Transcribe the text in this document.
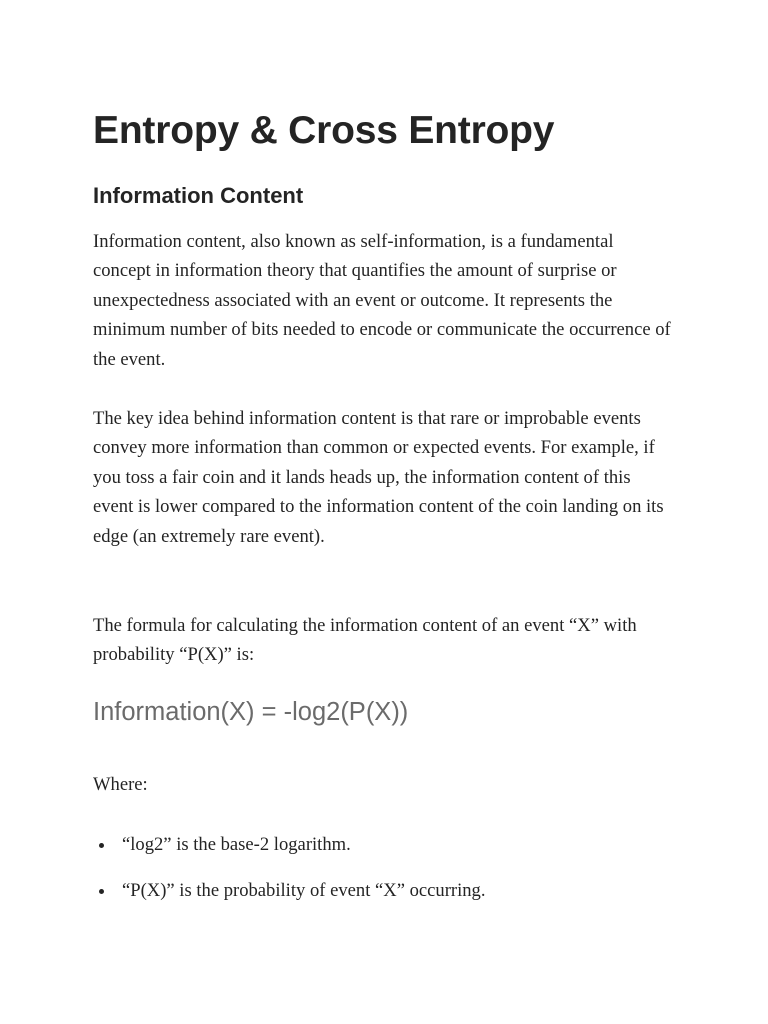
Entropy & Cross Entropy
Information Content

Information content, also known as self-information, is a fundamental concept in information theory that quantifies the amount of surprise or unexpectedness associated with an event or outcome. It represents the minimum number of bits needed to encode or communicate the occurrence of the event.

The key idea behind information content is that rare or improbable events convey more information than common or expected events. For example, if you toss a fair coin and it lands heads up, the information content of this event is lower compared to the information content of the coin landing on its edge (an extremely rare event).

The formula for calculating the information content of an event “X” with probability “P(X)” is:

Information(X) = -log2(P(X))

Where:

“log2” is the base-2 logarithm.
“P(X)” is the probability of event “X” occurring.
